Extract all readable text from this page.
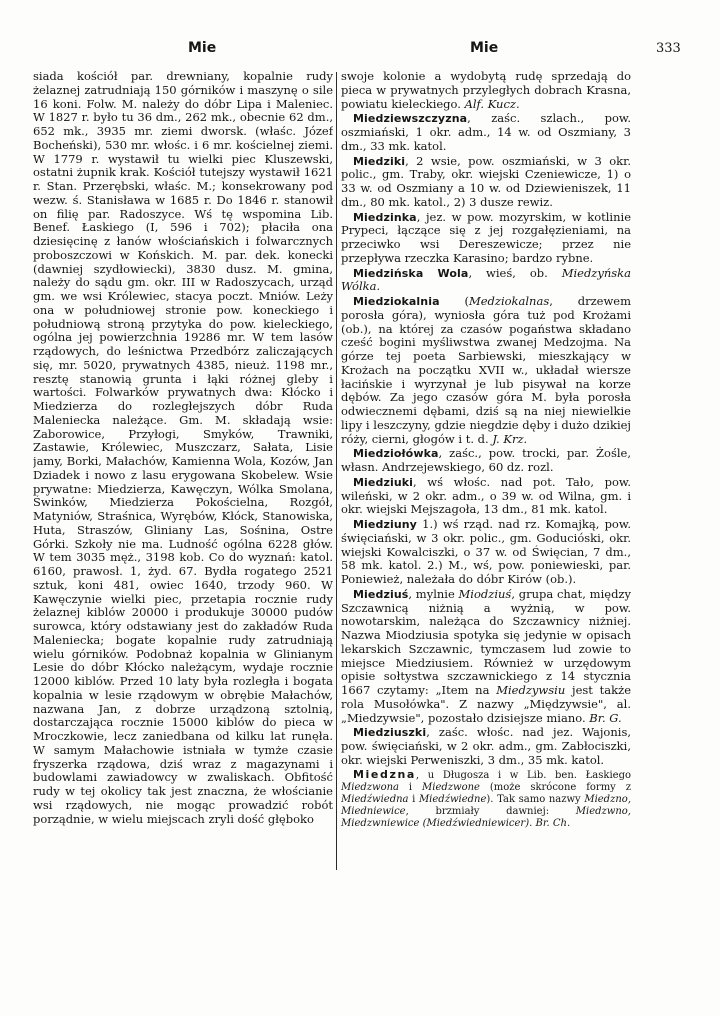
Mie	Mie	333

siada kościół par. drewniany, kopalnie rudy żelaznej zatrudniają 150 górników i maszynę o sile 16 koni. Folw. M. należy do dóbr Lipa i Maleniec. W 1827 r. było tu 36 dm., 262 mk., obecnie 62 dm., 652 mk., 3935 mr. ziemi dworsk. (właśc. Józef Bocheński), 530 mr. włośc. i 6 mr. kościelnej ziemi. W 1779 r. wystawił tu wielki piec Kluszewski, ostatni żupnik krak. Kościół tutejszy wystawił 1621 r. Stan. Przerębski, właśc. M.; konsekrowany pod wezw. ś. Stanisława w 1685 r. Do 1846 r. stanowił on filię par. Radoszyce. Wś tę wspomina Lib. Benef. Łaskiego (I, 596 i 702); płaciła ona dziesięcinę z łanów włościańskich i folwarcznych proboszczowi w Końskich. M. par. dek. konecki (dawniej szydłowiecki), 3830 dusz. M. gmina, należy do sądu gm. okr. III w Radoszycach, urząd gm. we wsi Królewiec, stacya poczt. Mniów. Leży ona w południowej stronie pow. koneckiego i południową stroną przytyka do pow. kieleckiego, ogólna jej powierzchnia 19286 mr. W tem lasów rządowych, do leśnictwa Przedbórz zaliczających się, mr. 5020, prywatnych 4385, nieuż. 1198 mr., resztę stanowią grunta i łąki różnej gleby i wartości. Folwarków prywatnych dwa: Kłócko i Miedzierza do rozległejszych dóbr Ruda Maleniecka należące. Gm. M. składają wsie: Zaborowice, Przyłogi, Smyków, Trawniki, Zastawie, Królewiec, Muszczarz, Sałata, Lisie jamy, Borki, Małachów, Kamienna Wola, Kozów, Jan Dziadek i nowo z lasu erygowana Skobelew. Wsie prywatne: Miedzierza, Kawęczyn, Wólka Smolana, Świnków, Miedzierza Pokościelna, Rozgół, Matyniów, Straśnica, Wyrębów, Kłóck, Stanowiska, Huta, Straszów, Gliniany Las, Sośnina, Ostre Górki. Szkoły nie ma. Ludność ogólna 6228 głów. W tem 3035 męż., 3198 kob. Co do wyznań: katol. 6160, prawosł. 1, żyd. 67. Bydła rogatego 2521 sztuk, koni 481, owiec 1640, trzody 960. W Kawęczynie wielki piec, przetapia rocznie rudy żelaznej kiblów 20000 i produkuje 30000 pudów surowca, który odstawiany jest do zakładów Ruda Maleniecka; bogate kopalnie rudy zatrudniają wielu górników. Podobnaż kopalnia w Glinianym Lesie do dóbr Kłócko należącym, wydaje rocznie 12000 kiblów. Przed 10 laty była rozległa i bogata kopalnia w lesie rządowym w obrębie Małachów, nazwana Jan, z dobrze urządzoną sztolnią, dostarczająca rocznie 15000 kiblów do pieca w Mroczkowie, lecz zaniedbana od kilku lat runęła. W samym Małachowie istniała w tymże czasie fryszerka rządowa, dziś wraz z magazynami i budowlami zawiadowcy w zwaliskach. Obfitość rudy w tej okolicy tak jest znaczna, że włościanie wsi rządowych, nie mogąc prowadzić robót porządnie, w wielu miejscach zryli dość głęboko

swoje kolonie a wydobytą rudę sprzedają do pieca w prywatnych przyległych dobrach Krasna, powiatu kieleckiego. Alf. Kucz.

Miedziewszczyzna, zaśc. szlach., pow. oszmiański, 1 okr. adm., 14 w. od Oszmiany, 3 dm., 33 mk. katol.

Miedziki, 2 wsie, pow. oszmiański, w 3 okr. polic., gm. Traby, okr. wiejski Czeniewicze, 1) o 33 w. od Oszmiany a 10 w. od Dziewieniszek, 11 dm., 80 mk. katol., 2) 3 dusze rewiz.

Miedzinka, jez. w pow. mozyrskim, w kotlinie Prypeci, łączące się z jej rozgałęzieniami, na przeciwko wsi Dereszewicze; przez nie przepływa rzeczka Karasino; bardzo rybne.

Miedzińska Wola, wieś, ob. Miedzyńska Wólka.

Miedziokalnia (Medziokalnas, drzewem porosła góra), wyniosła góra tuż pod Krożami (ob.), na której za czasów pogaństwa składano cześć bogini myśliwstwa zwanej Medzojma. Na górze tej poeta Sarbiewski, mieszkający w Krożach na początku XVII w., układał wiersze łacińskie i wyrzynał je lub pisywał na korze dębów. Za jego czasów góra M. była porosła odwiecznemi dębami, dziś są na niej niewielkie lipy i leszczyny, gdzie niegdzie dęby i dużo dzikiej róży, cierni, głogów i t. d. J. Krz.

Miedziołówka, zaśc., pow. trocki, par. Żośle, własn. Andrzejewskiego, 60 dz. rozl.

Miedziuki, wś włośc. nad pot. Tało, pow. wileński, w 2 okr. adm., o 39 w. od Wilna, gm. i okr. wiejski Mejszagoła, 13 dm., 81 mk. katol.

Miedziuny 1.) wś rząd. nad rz. Komajką, pow. święciański, w 3 okr. polic., gm. Goducióski, okr. wiejski Kowalciszki, o 37 w. od Święcian, 7 dm., 58 mk. katol. 2.) M., wś, pow. poniewieski, par. Poniewież, należała do dóbr Kirów (ob.).

Miedziuś, mylnie Miodziuś, grupa chat, między Szczawnicą niżnią a wyżnią, w pow. nowotarskim, należąca do Szczawnicy niżniej. Nazwa Miodziusia spotyka się jedynie w opisach lekarskich Szczawnic, tymczasem lud zowie to miejsce Miedziusiem. Również w urzędowym opisie sołtystwa szczawnickiego z 14 stycznia 1667 czytamy: „Item na Miedzywsiu jest także rola Musołówka". Z nazwy „Międzywsie", al. „Miedzywsie", pozostało dzisiejsze miano. Br. G.

Miedziuszki, zaśc. włośc. nad jez. Wajonis, pow. święciański, w 2 okr. adm., gm. Zabłociszki, okr. wiejski Perweniszki, 3 dm., 35 mk. katol.

Miedzna, u Długosza i w Lib. ben. Łaskiego Miedzwona i Miedzwone (może skrócone formy z Miedźwiedna i Miedźwiedne). Tak samo nazwy Miedzno, Miedniewice, brzmiały dawniej: Miedzwno, Miedzwniewice (Miedźwiedniewicer). Br. Ch.
